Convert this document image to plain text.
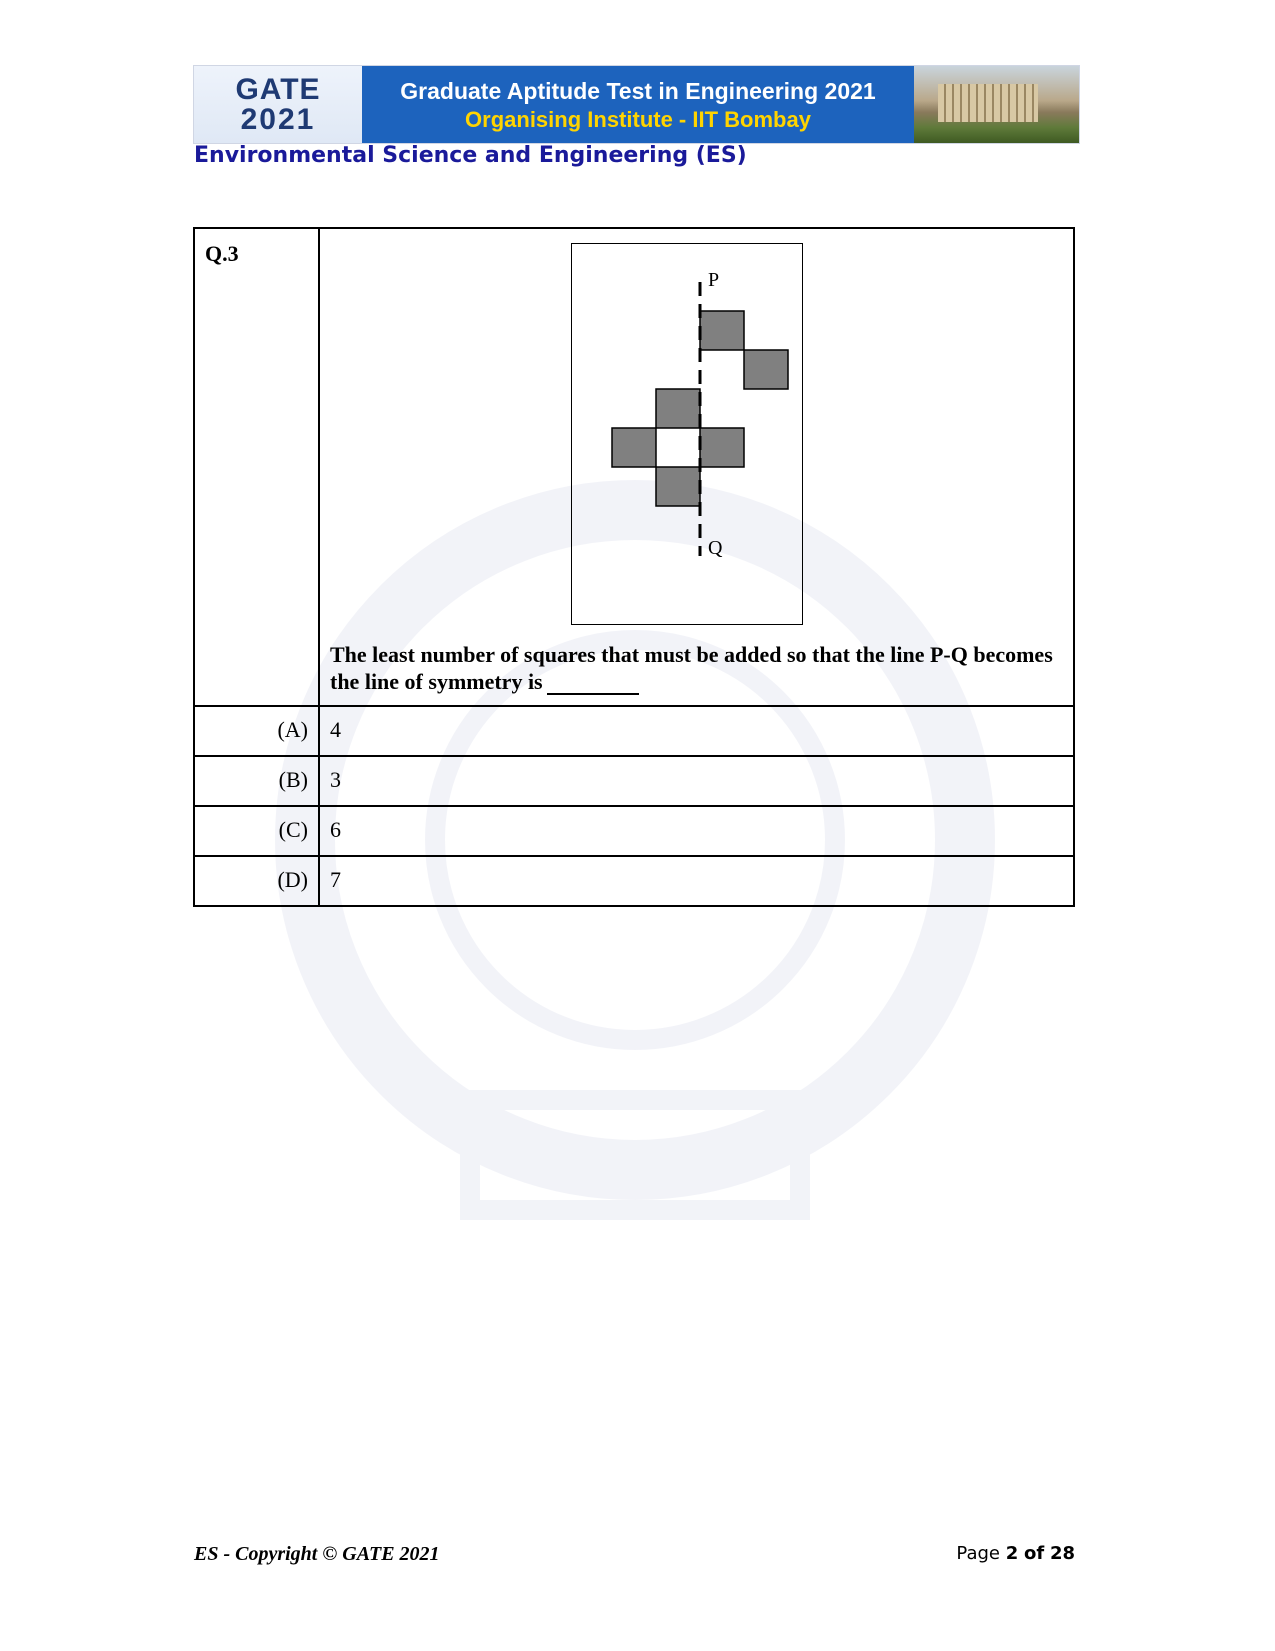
GATE
2021
Graduate Aptitude Test in Engineering 2021
Organising Institute - IIT Bombay
Environmental Science and Engineering (ES)
Q.3	P
Q
The least number of squares that must be added so that the line P-Q becomes the line of symmetry is

(A)	4
(B)	3
(C)	6
(D)	7
ES - Copyright © GATE 2021	Page 2 of 28
